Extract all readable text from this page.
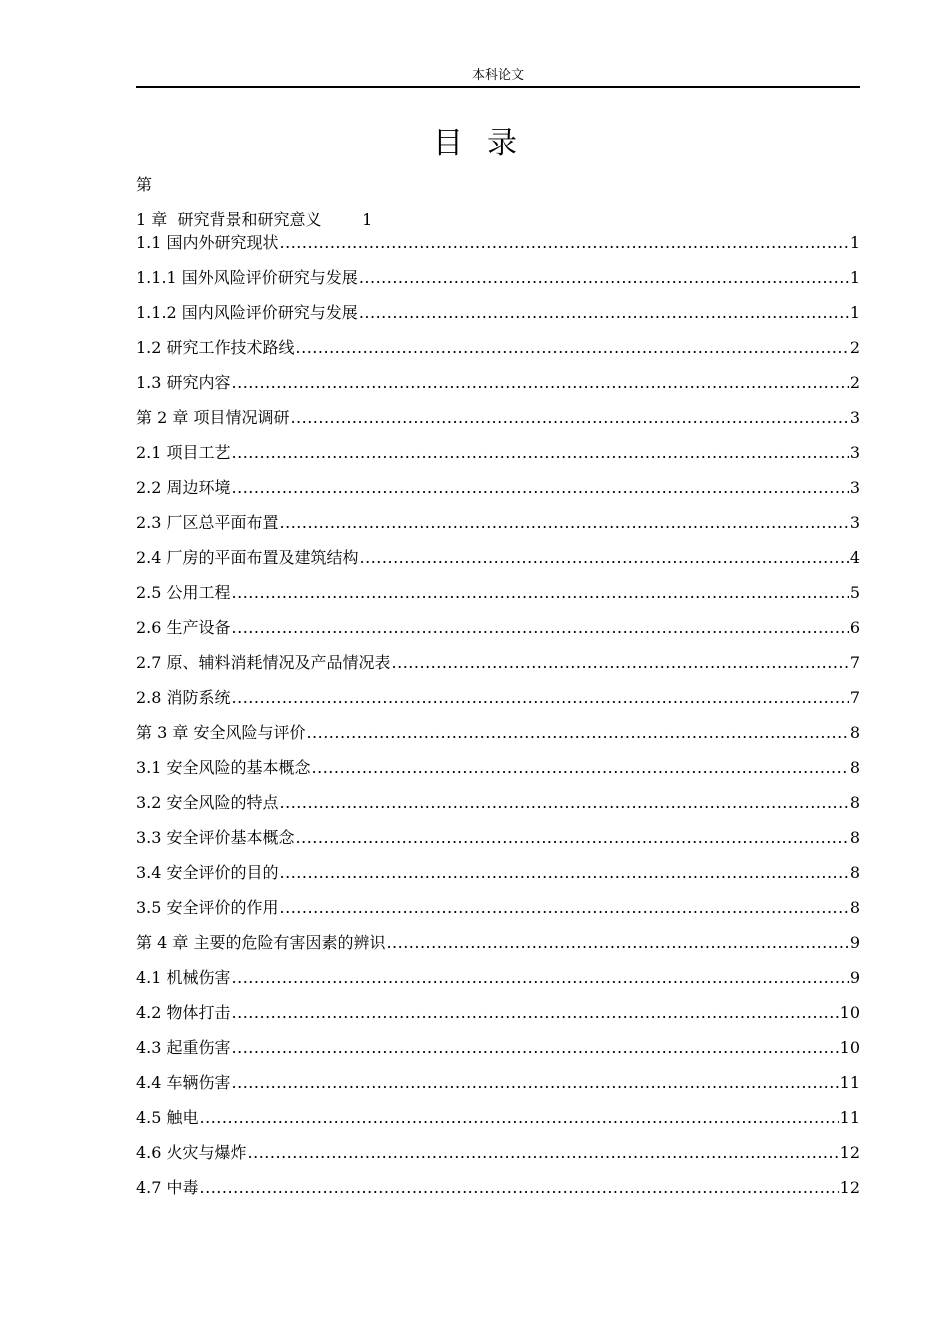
本科论文
目录
第
1 章  研究背景和研究意义	1
1.1 国内外研究现状 .....	1
1.1.1 国外风险评价研究与发展 .....	1
1.1.2 国内风险评价研究与发展 .....	1
1.2 研究工作技术路线 .....	2
1.3 研究内容 .....	2
第 2 章 项目情况调研 .....	3
2.1 项目工艺 .....	3
2.2 周边环境 .....	3
2.3 厂区总平面布置 .....	3
2.4 厂房的平面布置及建筑结构 .....	4
2.5 公用工程 .....	5
2.6 生产设备 .....	6
2.7 原、辅料消耗情况及产品情况表 .....	7
2.8 消防系统 .....	7
第 3 章 安全风险与评价 .....	8
3.1 安全风险的基本概念 .....	8
3.2 安全风险的特点 .....	8
3.3 安全评价基本概念 .....	8
3.4 安全评价的目的 .....	8
3.5 安全评价的作用 .....	8
第 4 章 主要的危险有害因素的辨识 .....	9
4.1 机械伤害 .....	9
4.2 物体打击 .....	10
4.3 起重伤害 .....	10
4.4 车辆伤害 .....	11
4.5 触电 .....	11
4.6 火灾与爆炸 .....	12
4.7 中毒 .....	12
